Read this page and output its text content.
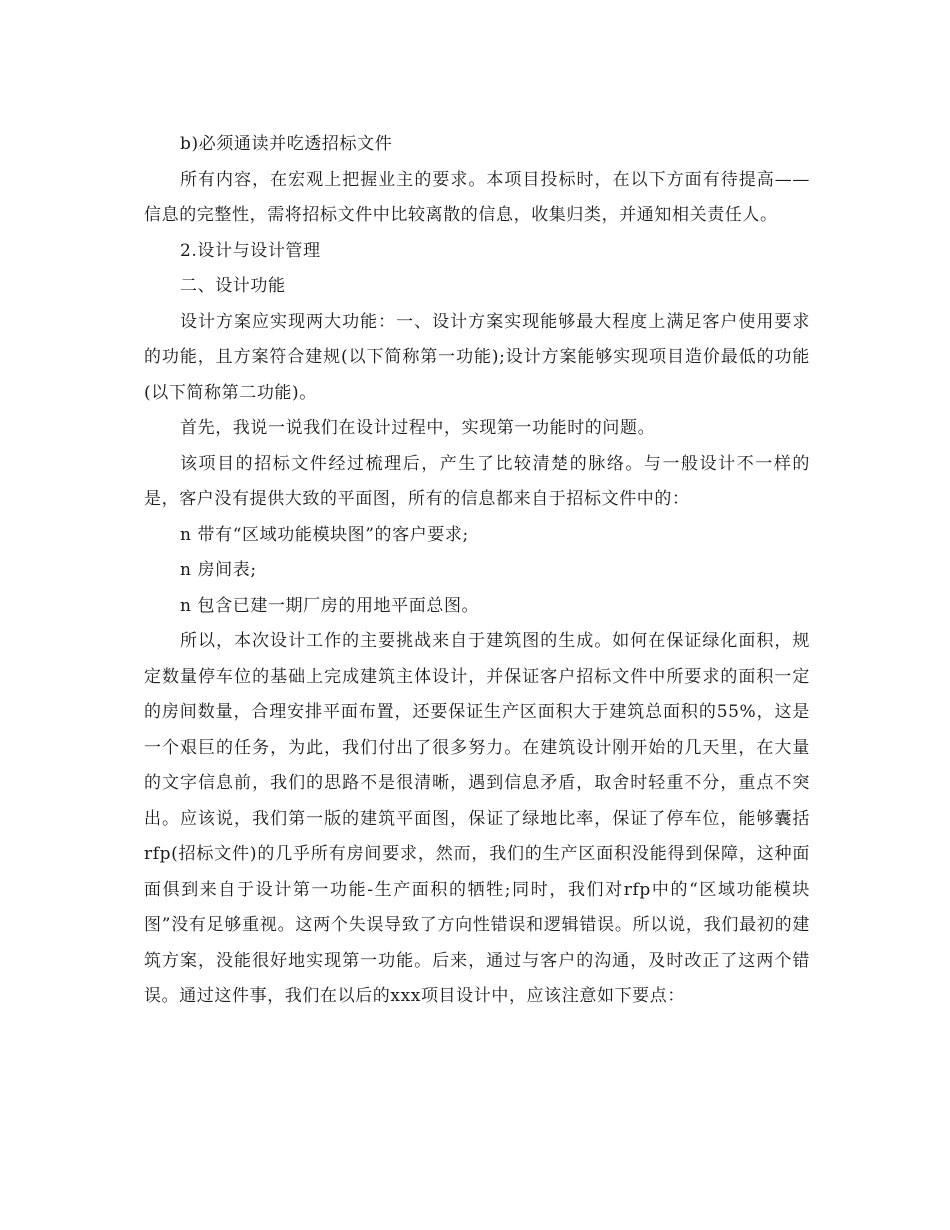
b)必须通读并吃透招标文件

所有内容，在宏观上把握业主的要求。本项目投标时，在以下方面有待提高——信息的完整性，需将招标文件中比较离散的信息，收集归类，并通知相关责任人。

2.设计与设计管理

二、设计功能

设计方案应实现两大功能：一、设计方案实现能够最大程度上满足客户使用要求的功能，且方案符合建规(以下简称第一功能);设计方案能够实现项目造价最低的功能(以下简称第二功能)。

首先，我说一说我们在设计过程中，实现第一功能时的问题。

该项目的招标文件经过梳理后，产生了比较清楚的脉络。与一般设计不一样的是，客户没有提供大致的平面图，所有的信息都来自于招标文件中的：

n 带有“区域功能模块图”的客户要求;

n 房间表;

n 包含已建一期厂房的用地平面总图。

所以，本次设计工作的主要挑战来自于建筑图的生成。如何在保证绿化面积，规定数量停车位的基础上完成建筑主体设计，并保证客户招标文件中所要求的面积一定的房间数量，合理安排平面布置，还要保证生产区面积大于建筑总面积的55%，这是一个艰巨的任务，为此，我们付出了很多努力。在建筑设计刚开始的几天里，在大量的文字信息前，我们的思路不是很清晰，遇到信息矛盾，取舍时轻重不分，重点不突出。应该说，我们第一版的建筑平面图，保证了绿地比率，保证了停车位，能够囊括rfp(招标文件)的几乎所有房间要求，然而，我们的生产区面积没能得到保障，这种面面俱到来自于设计第一功能-生产面积的牺牲;同时，我们对rfp中的“区域功能模块图”没有足够重视。这两个失误导致了方向性错误和逻辑错误。所以说，我们最初的建筑方案，没能很好地实现第一功能。后来，通过与客户的沟通，及时改正了这两个错误。通过这件事，我们在以后的xxx项目设计中，应该注意如下要点：
